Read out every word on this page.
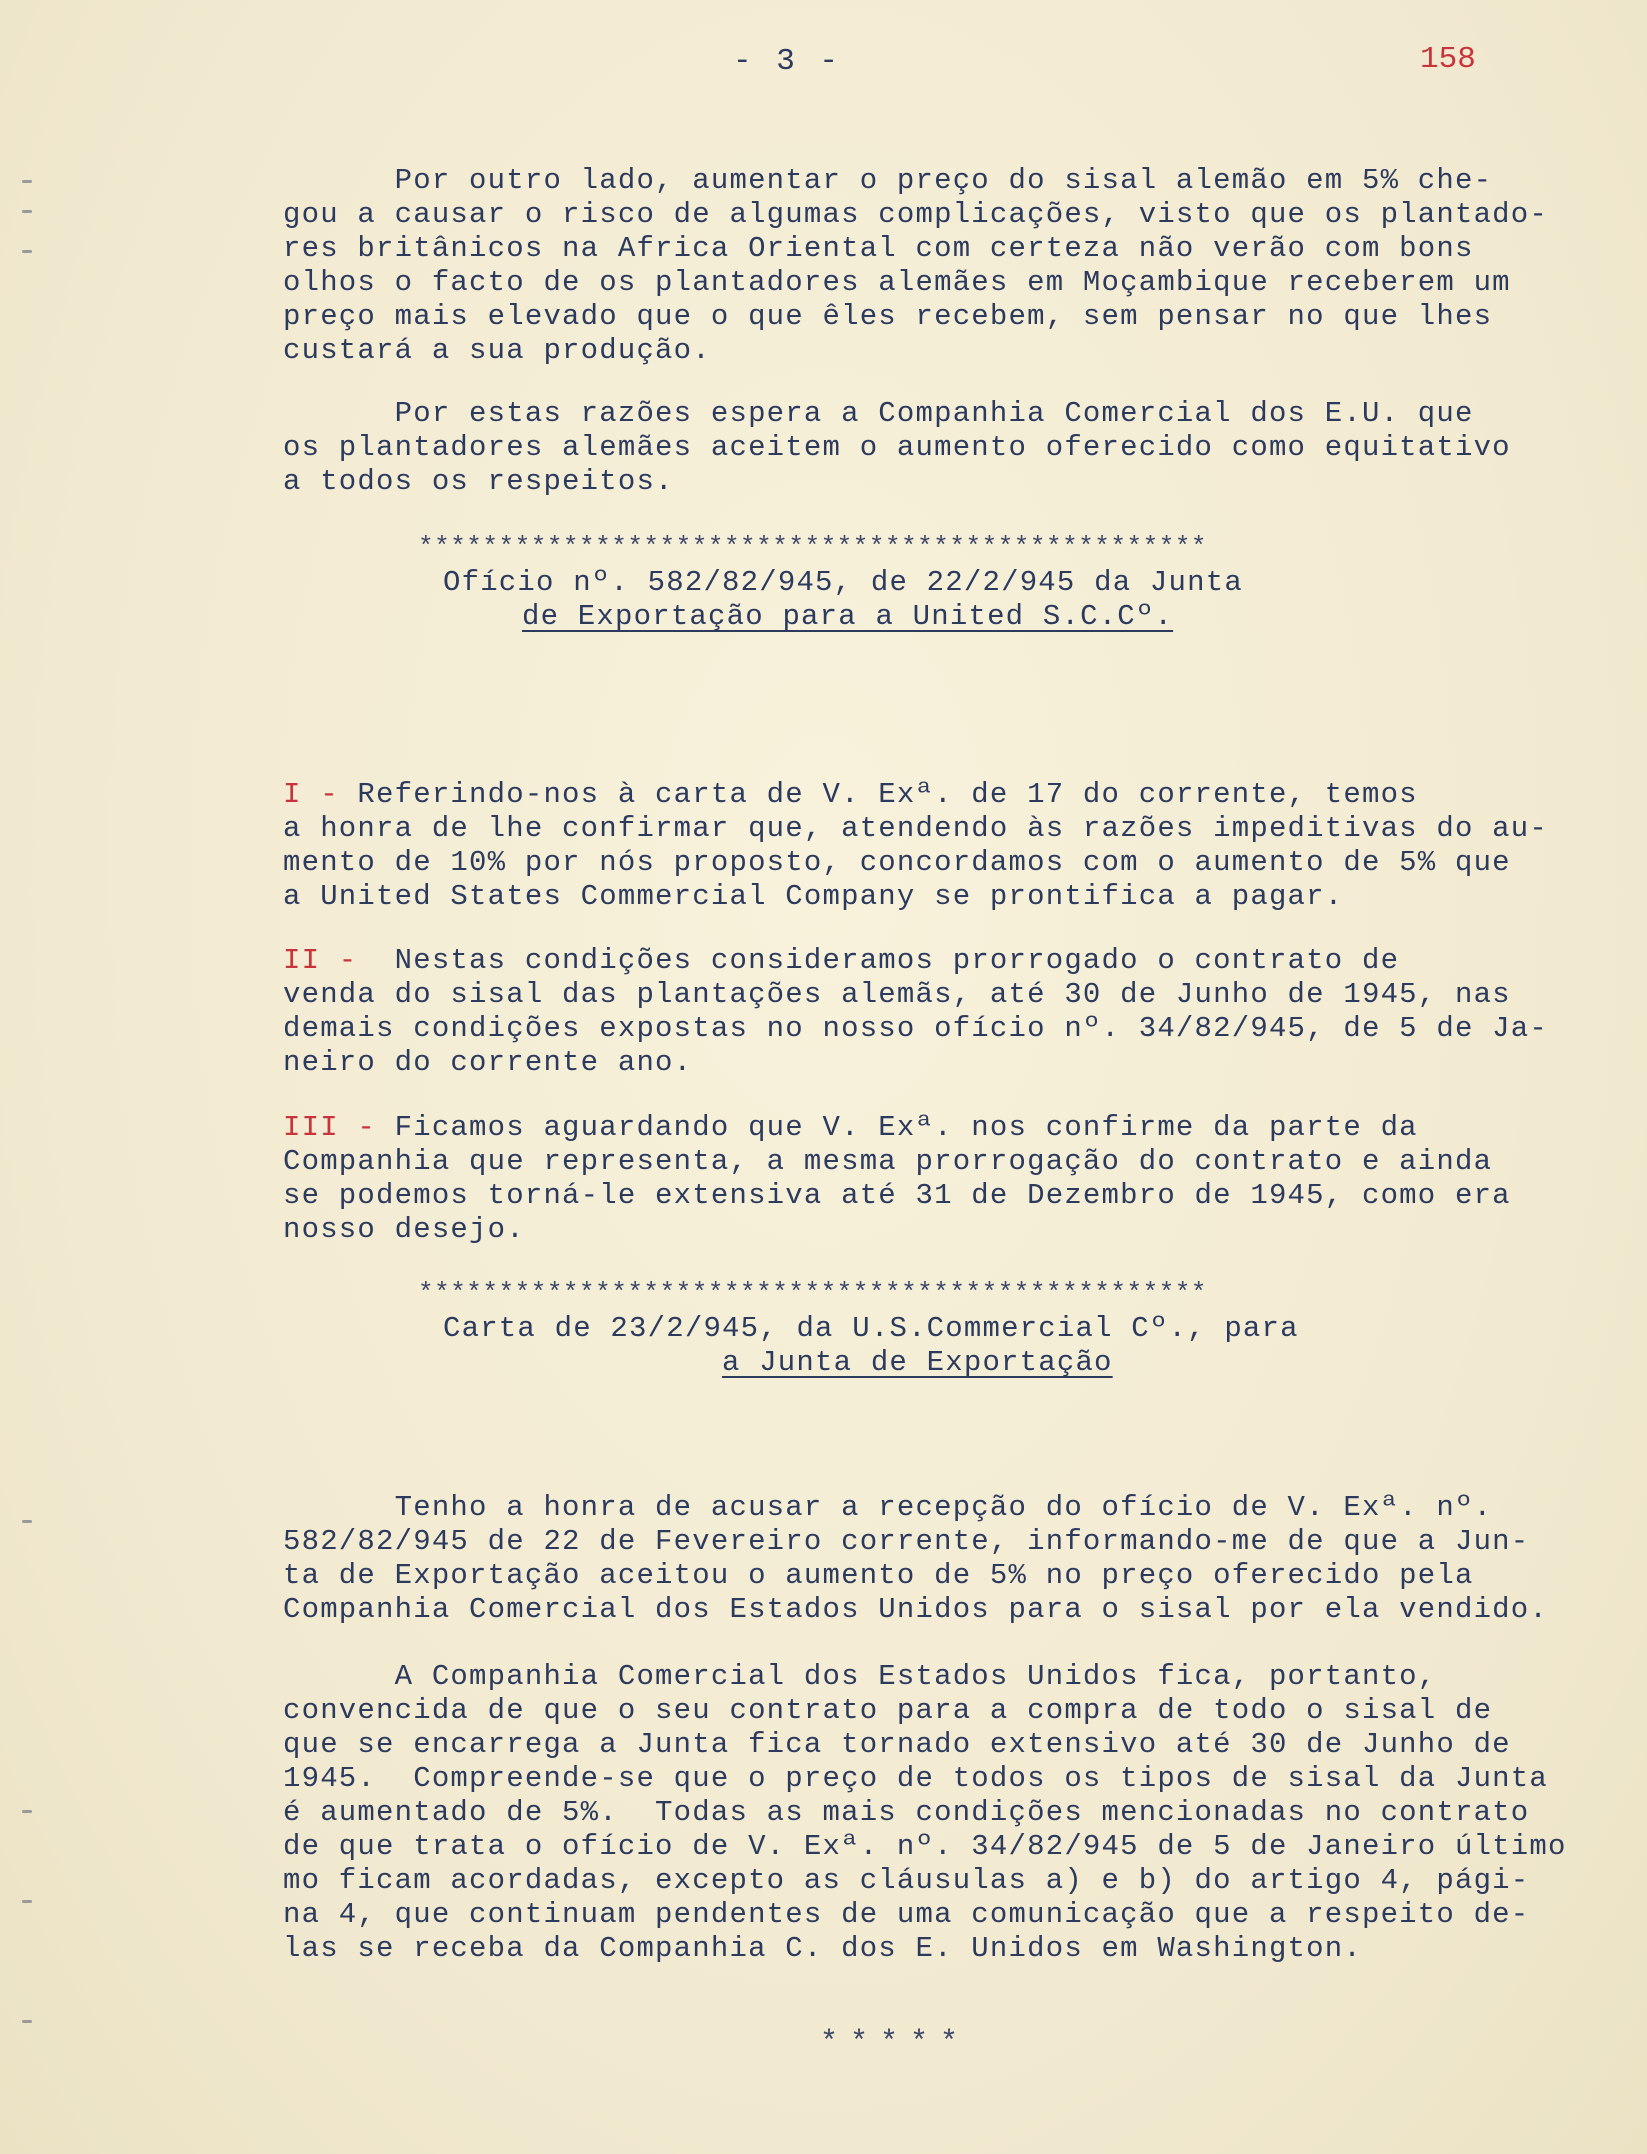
- 3 -	158
Por outro lado, aumentar o preço do sisal alemão em 5% che-
gou a causar o risco de algumas complicações, visto que os plantado-
res britânicos na Africa Oriental com certeza não verão com bons
olhos o facto de os plantadores alemães em Moçambique receberem um
preço mais elevado que o que êles recebem, sem pensar no que lhes
custará a sua produção.
Por estas razões espera a Companhia Comercial dos E.U. que
os plantadores alemães aceitem o aumento oferecido como equitativo
a todos os respeitos.
*************************************************
Ofício nº. 582/82/945, de 22/2/945 da Junta
de Exportação para a United S.C.Cº.
I - Referindo-nos à carta de V. Exª. de 17 do corrente, temos
a honra de lhe confirmar que, atendendo às razões impeditivas do au-
mento de 10% por nós proposto, concordamos com o aumento de 5% que
a United States Commercial Company se prontifica a pagar.
II -  Nestas condições consideramos prorrogado o contrato de
venda do sisal das plantações alemãs, até 30 de Junho de 1945, nas
demais condições expostas no nosso ofício nº. 34/82/945, de 5 de Ja-
neiro do corrente ano.
III - Ficamos aguardando que V. Exª. nos confirme da parte da
Companhia que representa, a mesma prorrogação do contrato e ainda
se podemos torná-le extensiva até 31 de Dezembro de 1945, como era
nosso desejo.
*************************************************
Carta de 23/2/945, da U.S.Commercial Cº., para
a Junta de Exportação
Tenho a honra de acusar a recepção do ofício de V. Exª. nº.
582/82/945 de 22 de Fevereiro corrente, informando-me de que a Jun-
ta de Exportação aceitou o aumento de 5% no preço oferecido pela
Companhia Comercial dos Estados Unidos para o sisal por ela vendido.
A Companhia Comercial dos Estados Unidos fica, portanto,
convencida de que o seu contrato para a compra de todo o sisal de
que se encarrega a Junta fica tornado extensivo até 30 de Junho de
1945.  Compreende-se que o preço de todos os tipos de sisal da Junta
é aumentado de 5%.  Todas as mais condições mencionadas no contrato
de que trata o ofício de V. Exª. nº. 34/82/945 de 5 de Janeiro último
mo ficam acordadas, excepto as cláusulas a) e b) do artigo 4, pági-
na 4, que continuam pendentes de uma comunicação que a respeito de-
las se receba da Companhia C. dos E. Unidos em Washington.
*****
